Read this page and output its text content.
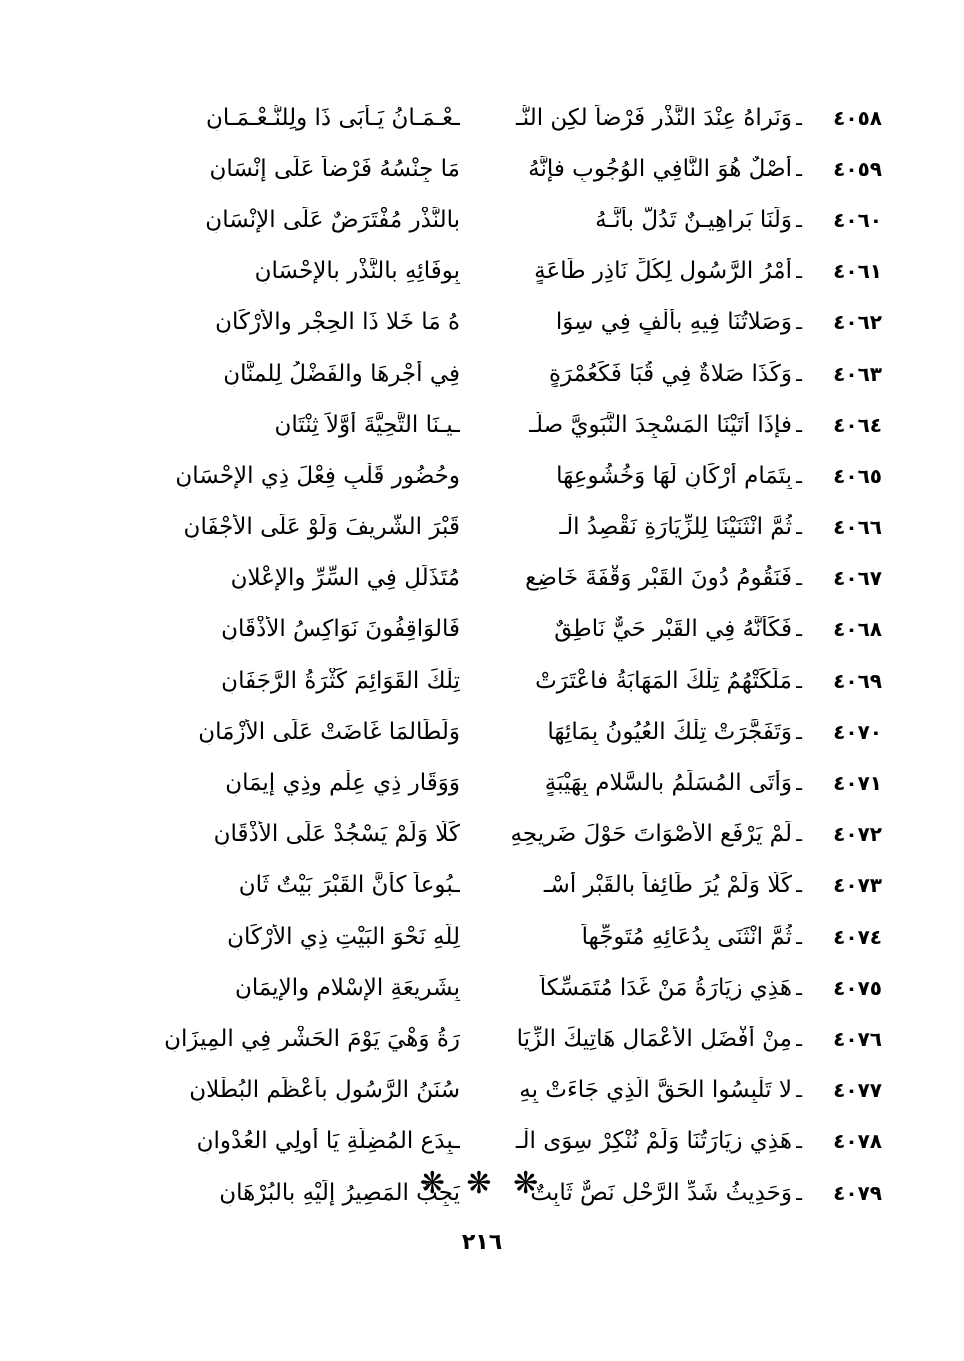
٤٠٥٨
ـ
وَنَراهُ عِنْدَ النَّذْرِ فَرْضاً لكِنِ النُّـ
ـعْـمَـانُ يَـأْبَى ذَا ولِلنُّـعْـمَـانِ
٤٠٥٩
ـ
أَصْلٌ هُوَ النَّافِي الوُجُوبِ فإنَّهُ
مَا جِنْسُهُ فَرْضاً عَلَى إنْسَانِ
٤٠٦٠
ـ
وَلَنَا بَراهِيـنٌ تَدُلُّ بأنَّـهُ
بالنَّذْرِ مُفْتَرَضٌ عَلَى الإنْسَانِ
٤٠٦١
ـ
أمْرُ الرَّسُولِ لِكُلِّ نَاذِرِ طَاعَةٍ
بِوفَائِهِ بالنَّذْرِ بالإحْسَانِ
٤٠٦٢
ـ
وَصَلاتُنَا فِيهِ بألْفٍ فِي سِوَا
هُ مَا خَلا ذَا الحِجْرِ والأرْكَانِ
٤٠٦٣
ـ
وَكَذَا صَلاةٌ فِي قُبَا فَكَعُمْرَةٍ
فِي أجْرِهَا والفَضْلُ لِلمنَّانِ
٤٠٦٤
ـ
فإذَا أتَيْنَا المَسْجِدَ النَّبَوِيَّ صلَّـ
ـيـنَا التَّحِيَّةَ أوَّلاً ثِنْتَانِ
٤٠٦٥
ـ
بِتَمَامِ أرْكَانٍ لَهَا وَخُشُوعِهَا
وحُضُورِ قَلْبٍ فِعْلَ ذِي الإحْسَانِ
٤٠٦٦
ـ
ثُمَّ انْثَنَيْنَا لِلزِّيَارَةِ نَقْصِدُ الْـ
قَبْرَ الشَّرِيفَ وَلَوْ عَلَى الأجْفَانِ
٤٠٦٧
ـ
فَنَقُومُ دُونَ القَبْرِ وَقْفَةَ خَاضِعٍ
مُتَذَلِّلٍ فِي السِّرِّ والإعْلانِ
٤٠٦٨
ـ
فَكَأنَّهُ فِي القَبْرِ حَيٌّ نَاطِقٌ
فَالوَاقِفُونَ نَوَاكِسُ الأذْقَانِ
٤٠٦٩
ـ
مَلَكَتْهُمُ تِلْكَ المَهَابَةُ فاعْتَرَتْ
تِلْكَ القَوَائِمَ كَثْرَةُ الرَّجَفَانِ
٤٠٧٠
ـ
وَتَفَجَّرَتْ تِلْكَ العُيُونُ بِمَائِهَا
وَلَطَالمَا غَاضَتْ عَلَى الأزْمَانِ
٤٠٧١
ـ
وَأتَى المُسَلِّمُ بالسَّلامِ بِهَيْبَةٍ
وَوَقَارِ ذِي عِلْمٍ وذِي إيمَانِ
٤٠٧٢
ـ
لَمْ يَرْفَعِ الأصْوَاتَ حَوْلَ ضَرِيحِهِ
كَلَّا وَلَمْ يَسْجُدْ عَلَى الأذْقَانِ
٤٠٧٣
ـ
كَلَّا وَلَمْ يُرَ طَائِفاً بالقَبْرِ أُسْـ
ـبُوعاً كأنَّ القَبْرَ بَيْتٌ ثَانِ
٤٠٧٤
ـ
ثُمَّ انْثَنَى بِدُعَائِهِ مُتَوجِّهاً
لِلّهِ نَحْوَ البَيْتِ ذِي الأرْكَانِ
٤٠٧٥
ـ
هَذِي زِيَارَةُ مَنْ غَدَا مُتَمَسِّكاً
بِشَرِيعَةِ الإسْلامِ والإيمَانِ
٤٠٧٦
ـ
مِنْ أفْضَلِ الأعْمَالِ هَاتِيكَ الزِّيَا
رَةُ وَهْيَ يَوْمَ الحَشْرِ فِي المِيزَانِ
٤٠٧٧
ـ
لا تَلْبِسُوا الحَقَّ الَّذِي جَاءَتْ بِهِ
سُنَنُ الرَّسُولِ بأعْظَمِ البُطْلانِ
٤٠٧٨
ـ
هَذِي زِيَارَتُنَا وَلَمْ نُنْكِرْ سِوَى الْـ
ـبِدَعِ المُضِلَّةِ يَا أُولِي العُدْوانِ
٤٠٧٩
ـ
وَحَدِيثُ شَدِّ الرَّحْلِ نَصٌّ ثَابِتٌ
يَجِبُ المَصِيرُ إلَيْهِ بالبُرْهَانِ
❋ ❋ ❋
٢١٦
